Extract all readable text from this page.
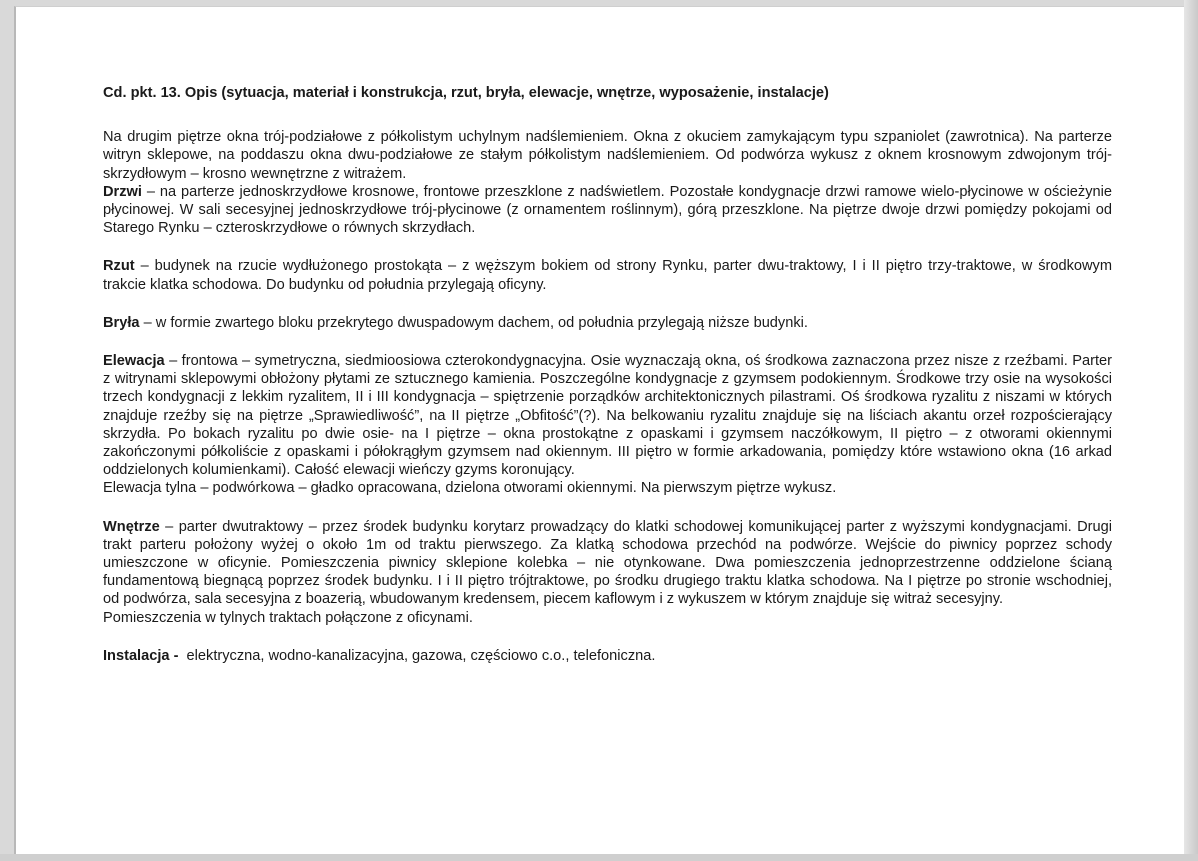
Cd. pkt. 13. Opis (sytuacja, materiał i konstrukcja, rzut, bryła, elewacje, wnętrze, wyposażenie, instalacje)
Na drugim piętrze okna trój-podziałowe z półkolistym uchylnym nadślemieniem. Okna z okuciem zamykającym typu szpaniolet (zawrotnica). Na parterze witryn sklepowe, na poddaszu okna dwu-podziałowe ze stałym półkolistym nadślemieniem. Od podwórza wykusz z oknem krosnowym zdwojonym trój-skrzydłowym – krosno wewnętrzne z witrażem.
Drzwi – na parterze jednoskrzydłowe krosnowe, frontowe przeszklone z nadświetlem. Pozostałe kondygnacje drzwi ramowe wielo-płycinowe w ościeżynie płycinowej. W sali secesyjnej jednoskrzydłowe trój-płycinowe (z ornamentem roślinnym), górą przeszklone. Na piętrze dwoje drzwi pomiędzy pokojami od Starego Rynku – czteroskrzydłowe o równych skrzydłach.
Rzut – budynek na rzucie wydłużonego prostokąta – z węższym bokiem od strony Rynku, parter dwu-traktowy, I i II piętro trzy-traktowe, w środkowym trakcie klatka schodowa. Do budynku od południa przylegają oficyny.
Bryła – w formie zwartego bloku przekrytego dwuspadowym dachem, od południa przylegają niższe budynki.
Elewacja – frontowa – symetryczna, siedmioosiowa czterokondygnacyjna. Osie wyznaczają okna, oś środkowa zaznaczona przez nisze z rzeźbami. Parter z witrynami sklepowymi obłożony płytami ze sztucznego kamienia. Poszczególne kondygnacje z gzymsem podokiennym. Środkowe trzy osie na wysokości trzech kondygnacji z lekkim ryzalitem, II i III kondygnacja – spiętrzenie porządków architektonicznych pilastrami. Oś środkowa ryzalitu z niszami w których znajduje rzeźby się na piętrze „Sprawiedliwość”, na II piętrze „Obfitość”(?). Na belkowaniu ryzalitu znajduje się na liściach akantu orzeł rozpościerający skrzydła. Po bokach ryzalitu po dwie osie- na I piętrze – okna prostokątne z opaskami i gzymsem naczółkowym, II piętro – z otworami okiennymi zakończonymi półkoliście z opaskami i półokrągłym gzymsem nad okiennym. III piętro w formie arkadowania, pomiędzy które wstawiono okna (16 arkad oddzielonych kolumienkami). Całość elewacji wieńczy gzyms koronujący.
Elewacja tylna – podwórkowa – gładko opracowana, dzielona otworami okiennymi. Na pierwszym piętrze wykusz.
Wnętrze – parter dwutraktowy – przez środek budynku korytarz prowadzący do klatki schodowej komunikującej parter z wyższymi kondygnacjami. Drugi trakt parteru położony wyżej o około 1m od traktu pierwszego. Za klatką schodowa przechód na podwórze. Wejście do piwnicy poprzez schody umieszczone w oficynie. Pomieszczenia piwnicy sklepione kolebka – nie otynkowane. Dwa pomieszczenia jednoprzestrzenne oddzielone ścianą fundamentową biegnącą poprzez środek budynku. I i II piętro trójtraktowe, po środku drugiego traktu klatka schodowa. Na I piętrze po stronie wschodniej, od podwórza, sala secesyjna z boazerią, wbudowanym kredensem, piecem kaflowym i z wykuszem w którym znajduje się witraż secesyjny.
Pomieszczenia w tylnych traktach połączone z oficynami.
Instalacja -  elektryczna, wodno-kanalizacyjna, gazowa, częściowo c.o., telefoniczna.
